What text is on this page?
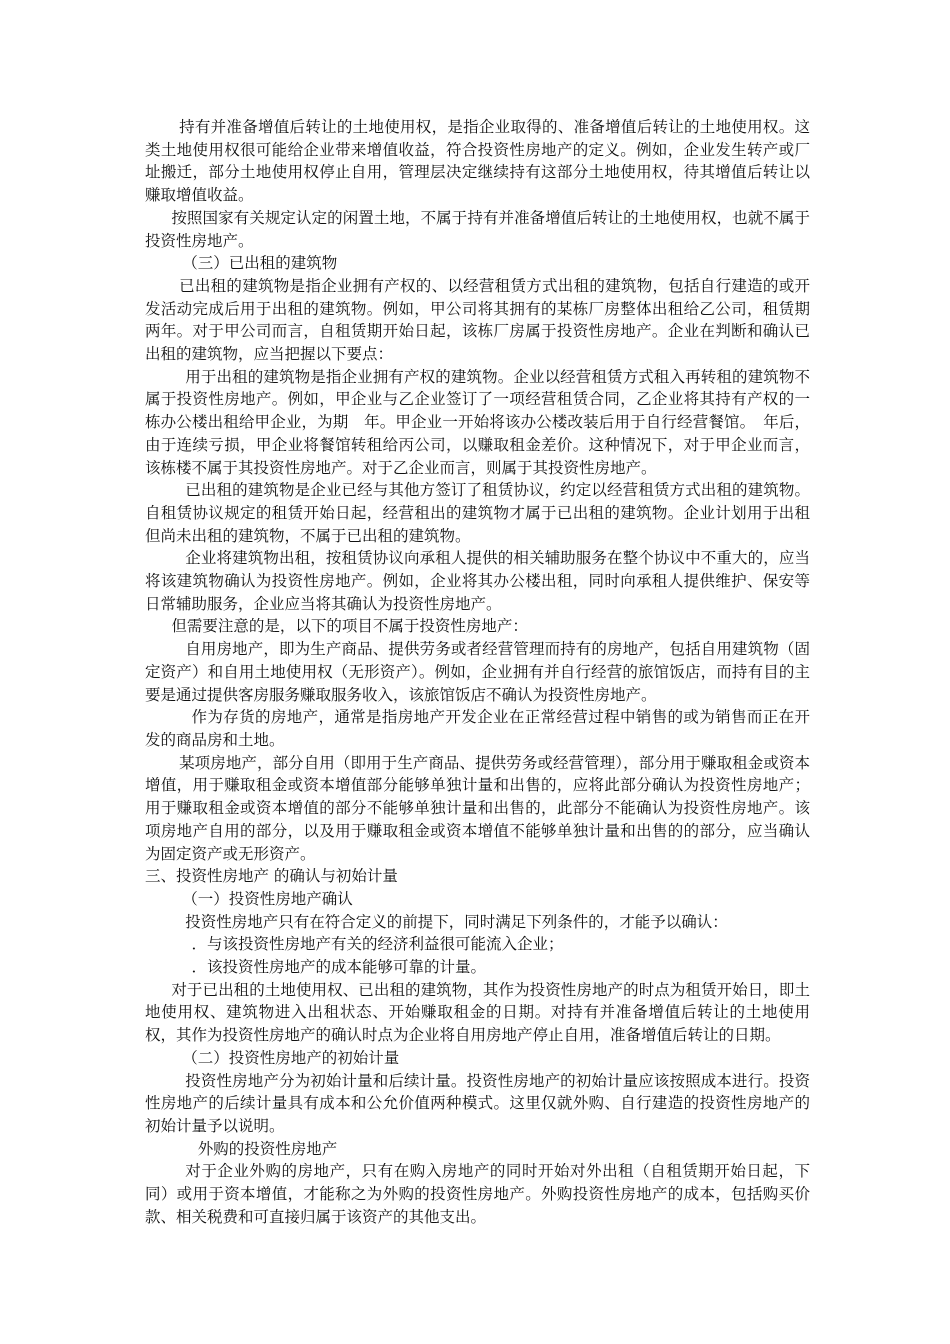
持有并准备增值后转让的土地使用权，是指企业取得的、准备增值后转让的土地使用权。这类土地使用权很可能给企业带来增值收益，符合投资性房地产的定义。例如，企业发生转产或厂址搬迁，部分土地使用权停止自用，管理层决定继续持有这部分土地使用权，待其增值后转让以赚取增值收益。

按照国家有关规定认定的闲置土地，不属于持有并准备增值后转让的土地使用权，也就不属于投资性房地产。

（三）已出租的建筑物

已出租的建筑物是指企业拥有产权的、以经营租赁方式出租的建筑物，包括自行建造的或开发活动完成后用于出租的建筑物。例如，甲公司将其拥有的某栋厂房整体出租给乙公司，租赁期两年。对于甲公司而言，自租赁期开始日起，该栋厂房属于投资性房地产。企业在判断和确认已出租的建筑物，应当把握以下要点：

用于出租的建筑物是指企业拥有产权的建筑物。企业以经营租赁方式租入再转租的建筑物不属于投资性房地产。例如，甲企业与乙企业签订了一项经营租赁合同，乙企业将其持有产权的一栋办公楼出租给甲企业，为期　年。甲企业一开始将该办公楼改装后用于自行经营餐馆。　年后，由于连续亏损，甲企业将餐馆转租给丙公司，以赚取租金差价。这种情况下，对于甲企业而言，该栋楼不属于其投资性房地产。对于乙企业而言，则属于其投资性房地产。

已出租的建筑物是企业已经与其他方签订了租赁协议，约定以经营租赁方式出租的建筑物。自租赁协议规定的租赁开始日起，经营租出的建筑物才属于已出租的建筑物。企业计划用于出租但尚未出租的建筑物，不属于已出租的建筑物。

企业将建筑物出租，按租赁协议向承租人提供的相关辅助服务在整个协议中不重大的，应当将该建筑物确认为投资性房地产。例如，企业将其办公楼出租，同时向承租人提供维护、保安等日常辅助服务，企业应当将其确认为投资性房地产。

但需要注意的是，以下的项目不属于投资性房地产：

自用房地产，即为生产商品、提供劳务或者经营管理而持有的房地产，包括自用建筑物（固定资产）和自用土地使用权（无形资产）。例如，企业拥有并自行经营的旅馆饭店，而持有目的主要是通过提供客房服务赚取服务收入，该旅馆饭店不确认为投资性房地产。

作为存货的房地产，通常是指房地产开发企业在正常经营过程中销售的或为销售而正在开发的商品房和土地。

某项房地产，部分自用（即用于生产商品、提供劳务或经营管理），部分用于赚取租金或资本增值，用于赚取租金或资本增值部分能够单独计量和出售的，应将此部分确认为投资性房地产；用于赚取租金或资本增值的部分不能够单独计量和出售的，此部分不能确认为投资性房地产。该项房地产自用的部分，以及用于赚取租金或资本增值不能够单独计量和出售的的部分，应当确认为固定资产或无形资产。

三、投资性房地产 的确认与初始计量

（一）投资性房地产确认

投资性房地产只有在符合定义的前提下，同时满足下列条件的，才能予以确认：

．与该投资性房地产有关的经济利益很可能流入企业；

．该投资性房地产的成本能够可靠的计量。

对于已出租的土地使用权、已出租的建筑物，其作为投资性房地产的时点为租赁开始日，即土地使用权、建筑物进入出租状态、开始赚取租金的日期。对持有并准备增值后转让的土地使用权，其作为投资性房地产的确认时点为企业将自用房地产停止自用，准备增值后转让的日期。

（二）投资性房地产的初始计量

投资性房地产分为初始计量和后续计量。投资性房地产的初始计量应该按照成本进行。投资性房地产的后续计量具有成本和公允价值两种模式。这里仅就外购、自行建造的投资性房地产的初始计量予以说明。

外购的投资性房地产

对于企业外购的房地产，只有在购入房地产的同时开始对外出租（自租赁期开始日起，下同）或用于资本增值，才能称之为外购的投资性房地产。外购投资性房地产的成本，包括购买价款、相关税费和可直接归属于该资产的其他支出。
